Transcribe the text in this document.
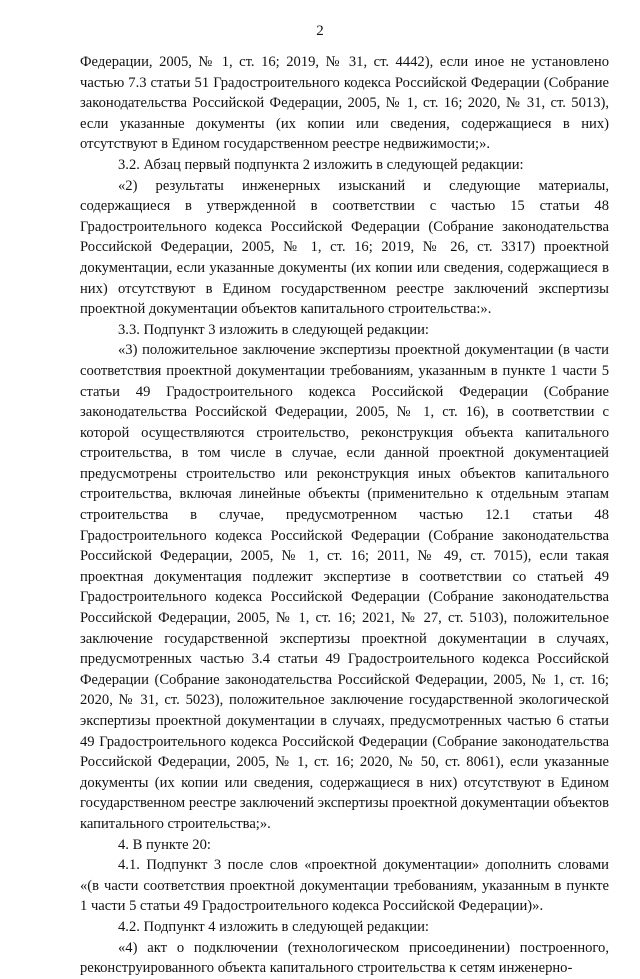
2

Федерации, 2005, № 1, ст. 16; 2019, № 31, ст. 4442), если иное не установлено частью 7.3 статьи 51 Градостроительного кодекса Российской Федерации (Собрание законодательства Российской Федерации, 2005, № 1, ст. 16; 2020, № 31, ст. 5013), если указанные документы (их копии или сведения, содержащиеся в них) отсутствуют в Едином государственном реестре недвижимости;».

3.2. Абзац первый подпункта 2 изложить в следующей редакции:

«2) результаты инженерных изысканий и следующие материалы, содержащиеся в утвержденной в соответствии с частью 15 статьи 48 Градостроительного кодекса Российской Федерации (Собрание законодательства Российской Федерации, 2005, № 1, ст. 16; 2019, № 26, ст. 3317) проектной документации, если указанные документы (их копии или сведения, содержащиеся в них) отсутствуют в Едином государственном реестре заключений экспертизы проектной документации объектов капитального строительства:».

3.3. Подпункт 3 изложить в следующей редакции:

«3) положительное заключение экспертизы проектной документации (в части соответствия проектной документации требованиям, указанным в пункте 1 части 5 статьи 49 Градостроительного кодекса Российской Федерации (Собрание законодательства Российской Федерации, 2005, № 1, ст. 16), в соответствии с которой осуществляются строительство, реконструкция объекта капитального строительства, в том числе в случае, если данной проектной документацией предусмотрены строительство или реконструкция иных объектов капитального строительства, включая линейные объекты (применительно к отдельным этапам строительства в случае, предусмотренном частью 12.1 статьи 48 Градостроительного кодекса Российской Федерации (Собрание законодательства Российской Федерации, 2005, № 1, ст. 16; 2011, № 49, ст. 7015), если такая проектная документация подлежит экспертизе в соответствии со статьей 49 Градостроительного кодекса Российской Федерации (Собрание законодательства Российской Федерации, 2005, № 1, ст. 16; 2021, № 27, ст. 5103), положительное заключение государственной экспертизы проектной документации в случаях, предусмотренных частью 3.4 статьи 49 Градостроительного кодекса Российской Федерации (Собрание законодательства Российской Федерации, 2005, № 1, ст. 16; 2020, № 31, ст. 5023), положительное заключение государственной экологической экспертизы проектной документации в случаях, предусмотренных частью 6 статьи 49 Градостроительного кодекса Российской Федерации (Собрание законодательства Российской Федерации, 2005, № 1, ст. 16; 2020, № 50, ст. 8061), если указанные документы (их копии или сведения, содержащиеся в них) отсутствуют в Едином государственном реестре заключений экспертизы проектной документации объектов капитального строительства;».

4. В пункте 20:

4.1. Подпункт 3 после слов «проектной документации» дополнить словами «(в части соответствия проектной документации требованиям, указанным в пункте 1 части 5 статьи 49 Градостроительного кодекса Российской Федерации)».

4.2. Подпункт 4 изложить в следующей редакции:

«4) акт о подключении (технологическом присоединении) построенного, реконструированного объекта капитального строительства к сетям инженерно-
